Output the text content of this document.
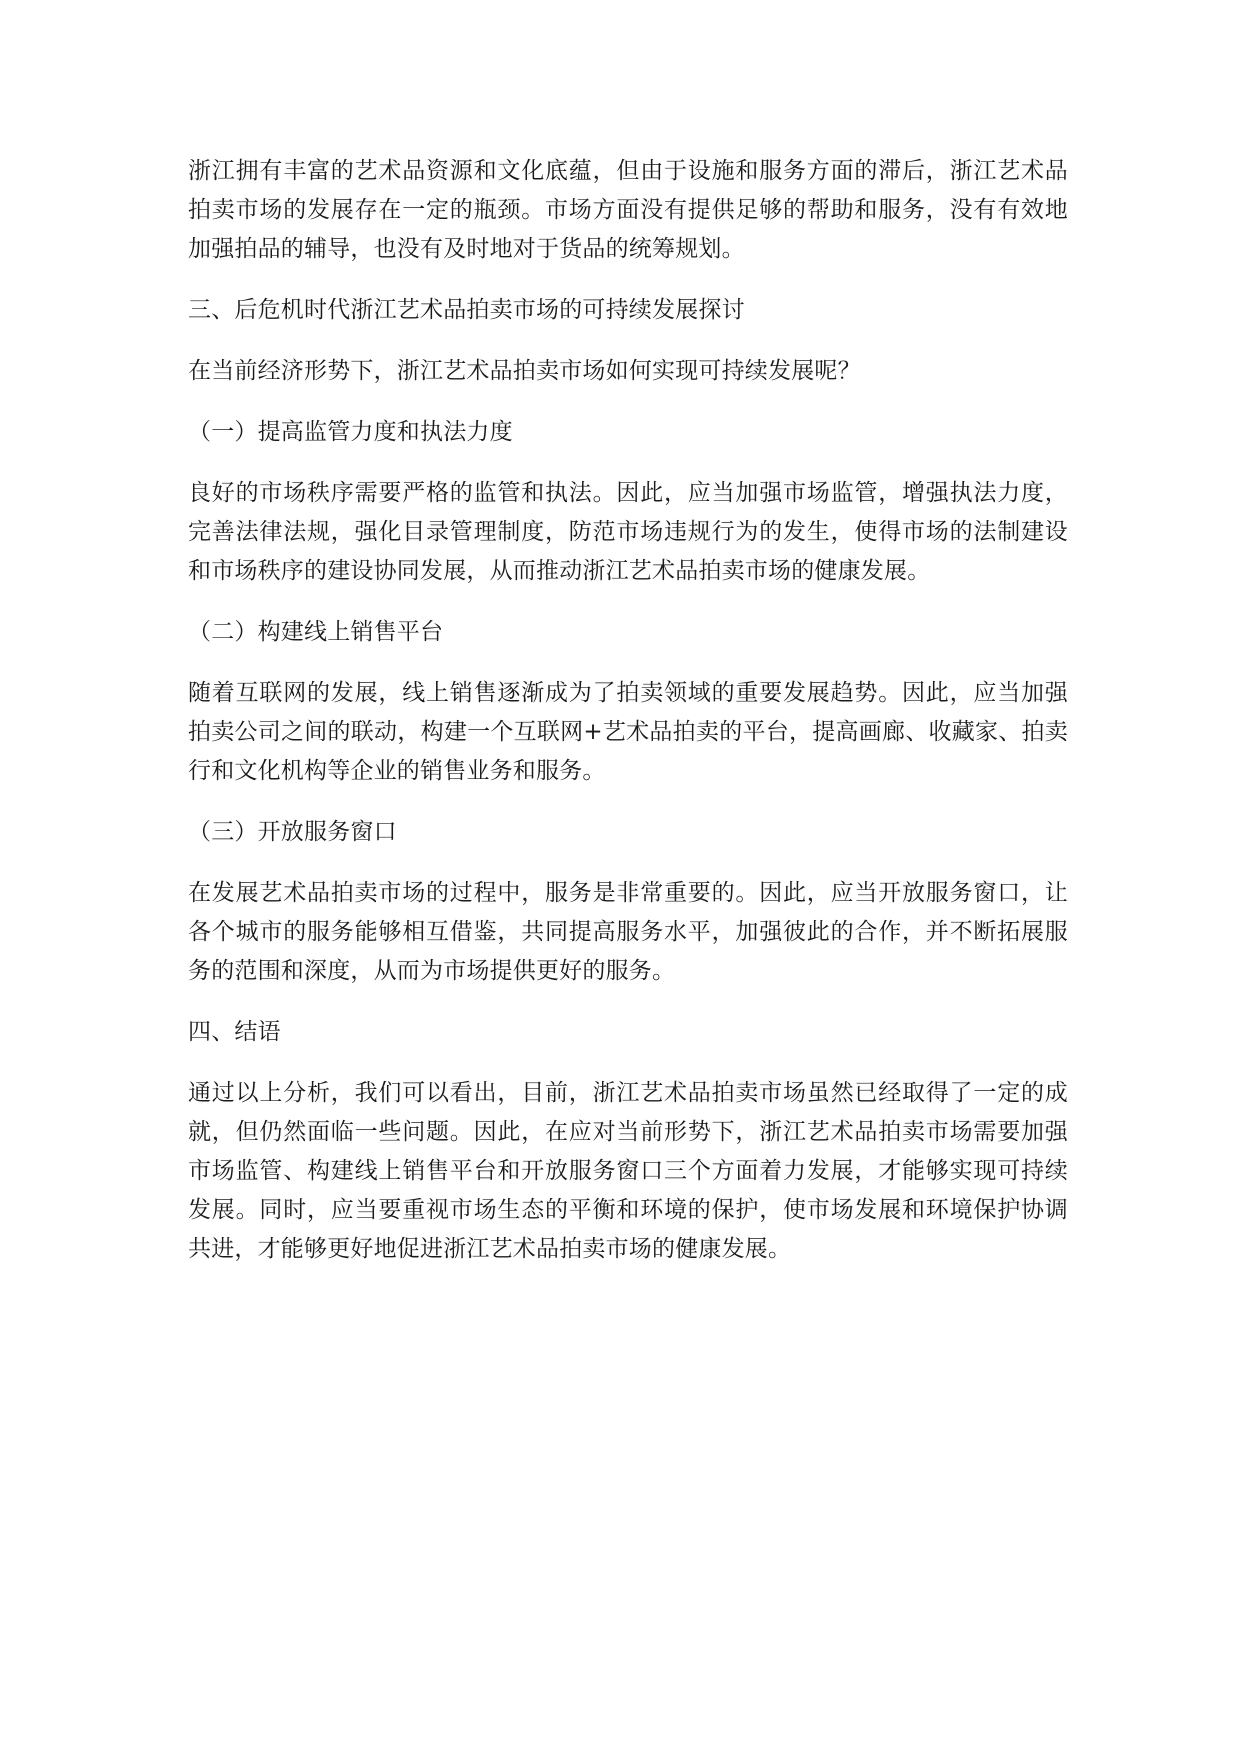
浙江拥有丰富的艺术品资源和文化底蕴，但由于设施和服务方面的滞后，浙江艺术品拍卖市场的发展存在一定的瓶颈。市场方面没有提供足够的帮助和服务，没有有效地加强拍品的辅导，也没有及时地对于货品的统筹规划。

三、后危机时代浙江艺术品拍卖市场的可持续发展探讨

在当前经济形势下，浙江艺术品拍卖市场如何实现可持续发展呢？

（一）提高监管力度和执法力度

良好的市场秩序需要严格的监管和执法。因此，应当加强市场监管，增强执法力度，完善法律法规，强化目录管理制度，防范市场违规行为的发生，使得市场的法制建设和市场秩序的建设协同发展，从而推动浙江艺术品拍卖市场的健康发展。

（二）构建线上销售平台

随着互联网的发展，线上销售逐渐成为了拍卖领域的重要发展趋势。因此，应当加强拍卖公司之间的联动，构建一个互联网+艺术品拍卖的平台，提高画廊、收藏家、拍卖行和文化机构等企业的销售业务和服务。

（三）开放服务窗口

在发展艺术品拍卖市场的过程中，服务是非常重要的。因此，应当开放服务窗口，让各个城市的服务能够相互借鉴，共同提高服务水平，加强彼此的合作，并不断拓展服务的范围和深度，从而为市场提供更好的服务。

四、结语

通过以上分析，我们可以看出，目前，浙江艺术品拍卖市场虽然已经取得了一定的成就，但仍然面临一些问题。因此，在应对当前形势下，浙江艺术品拍卖市场需要加强市场监管、构建线上销售平台和开放服务窗口三个方面着力发展，才能够实现可持续发展。同时，应当要重视市场生态的平衡和环境的保护，使市场发展和环境保护协调共进，才能够更好地促进浙江艺术品拍卖市场的健康发展。
